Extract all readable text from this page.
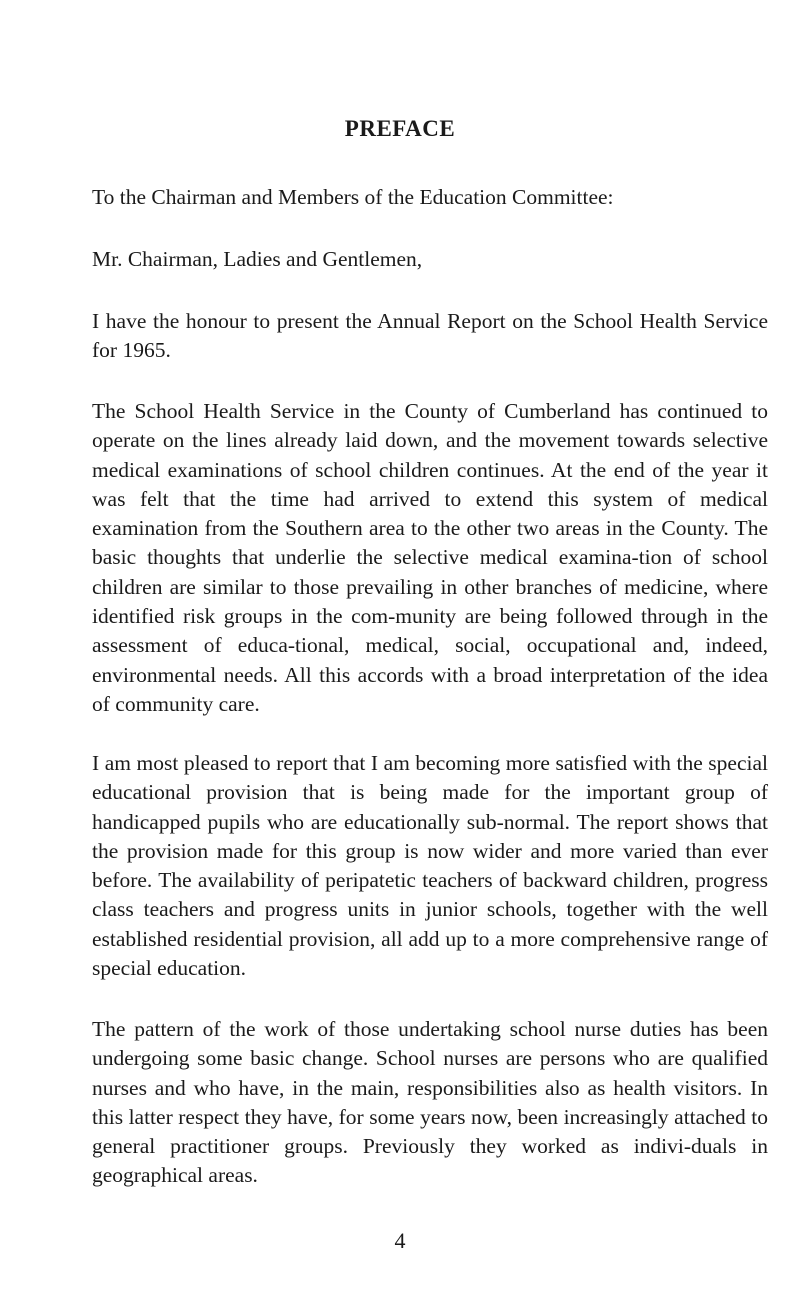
PREFACE

To the Chairman and Members of the Education Committee:

Mr. Chairman, Ladies and Gentlemen,

I have the honour to present the Annual Report on the School Health Service for 1965.

The School Health Service in the County of Cumberland has continued to operate on the lines already laid down, and the movement towards selective medical examinations of school children continues. At the end of the year it was felt that the time had arrived to extend this system of medical examination from the Southern area to the other two areas in the County. The basic thoughts that underlie the selective medical examina-tion of school children are similar to those prevailing in other branches of medicine, where identified risk groups in the com-munity are being followed through in the assessment of educa-tional, medical, social, occupational and, indeed, environmental needs. All this accords with a broad interpretation of the idea of community care.

I am most pleased to report that I am becoming more satisfied with the special educational provision that is being made for the important group of handicapped pupils who are educationally sub-normal. The report shows that the provision made for this group is now wider and more varied than ever before. The availability of peripatetic teachers of backward children, progress class teachers and progress units in junior schools, together with the well established residential provision, all add up to a more comprehensive range of special education.

The pattern of the work of those undertaking school nurse duties has been undergoing some basic change. School nurses are persons who are qualified nurses and who have, in the main, responsibilities also as health visitors. In this latter respect they have, for some years now, been increasingly attached to general practitioner groups. Previously they worked as indivi-duals in geographical areas.

4
